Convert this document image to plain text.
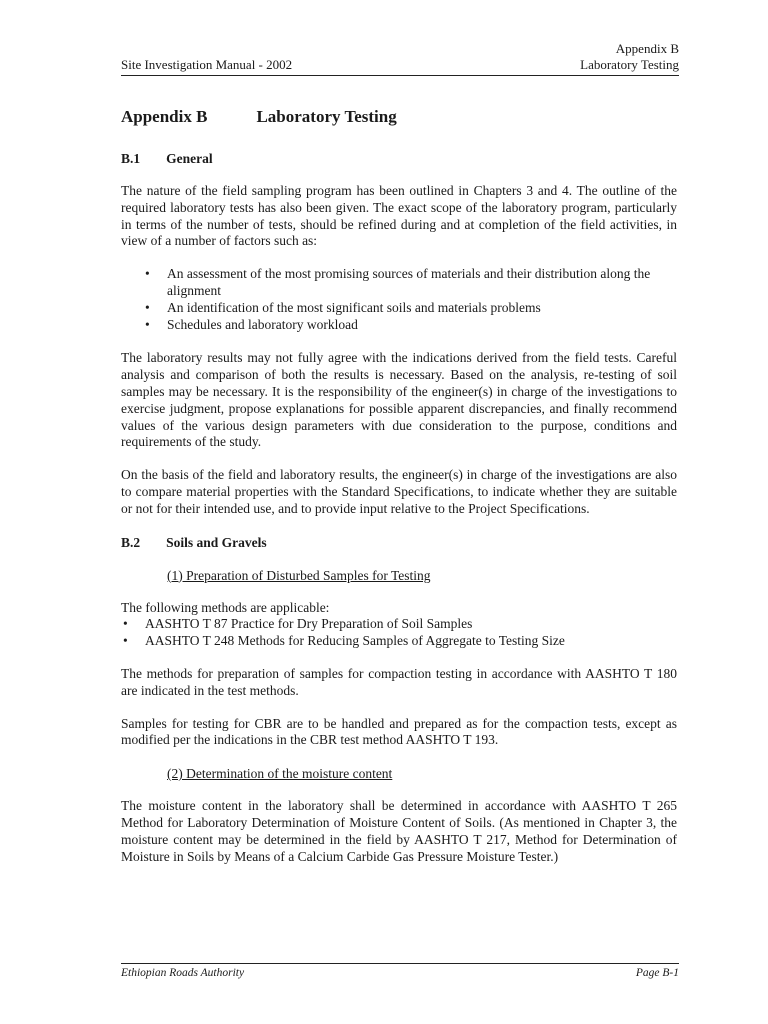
Appendix B
Site Investigation Manual - 2002	Laboratory Testing
Appendix B	Laboratory Testing
B.1 General

The nature of the field sampling program has been outlined in Chapters 3 and 4. The outline of the required laboratory tests has also been given. The exact scope of the laboratory program, particularly in terms of the number of tests, should be refined during and at completion of the field activities, in view of a number of factors such as:

• An assessment of the most promising sources of materials and their distribution along the alignment
• An identification of the most significant soils and materials problems
• Schedules and laboratory workload

The laboratory results may not fully agree with the indications derived from the field tests. Careful analysis and comparison of both the results is necessary. Based on the analysis, re-testing of soil samples may be necessary. It is the responsibility of the engineer(s) in charge of the investigations to exercise judgment, propose explanations for possible apparent discrepancies, and finally recommend values of the various design parameters with due consideration to the purpose, conditions and requirements of the study.

On the basis of the field and laboratory results, the engineer(s) in charge of the investigations are also to compare material properties with the Standard Specifications, to indicate whether they are suitable or not for their intended use, and to provide input relative to the Project Specifications.

B.2 Soils and Gravels
(1) Preparation of Disturbed Samples for Testing

The following methods are applicable:

• AASHTO T 87 Practice for Dry Preparation of Soil Samples
• AASHTO T 248 Methods for Reducing Samples of Aggregate to Testing Size

The methods for preparation of samples for compaction testing in accordance with AASHTO T 180 are indicated in the test methods.

Samples for testing for CBR are to be handled and prepared as for the compaction tests, except as modified per the indications in the CBR test method AASHTO T 193.

(2) Determination of the moisture content

The moisture content in the laboratory shall be determined in accordance with AASHTO T 265 Method for Laboratory Determination of Moisture Content of Soils. (As mentioned in Chapter 3, the moisture content may be determined in the field by AASHTO T 217, Method for Determination of Moisture in Soils by Means of a Calcium Carbide Gas Pressure Moisture Tester.)

Ethiopian Roads Authority	Page B-1
